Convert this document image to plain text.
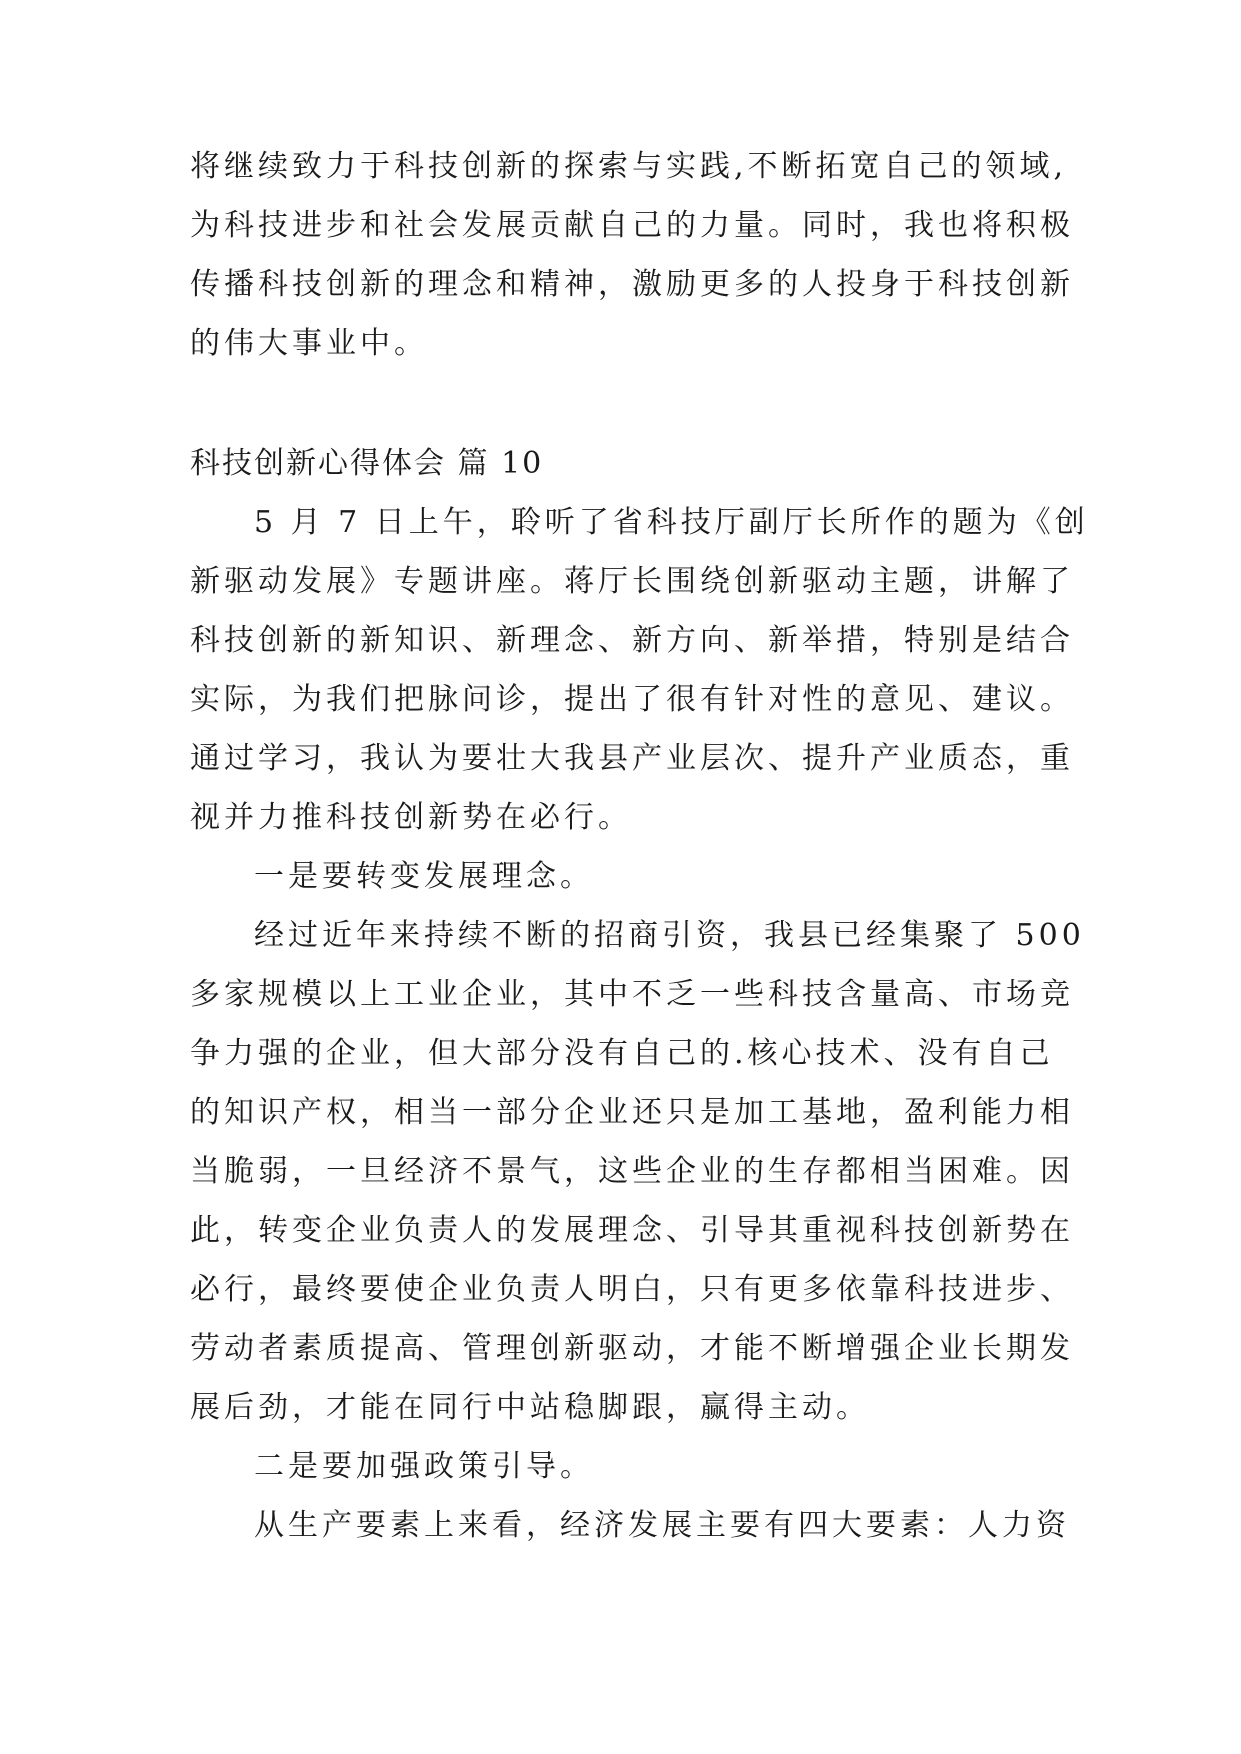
将继续致力于科技创新的探索与实践,不断拓宽自己的领域,
为科技进步和社会发展贡献自己的力量。同时，我也将积极
传播科技创新的理念和精神，激励更多的人投身于科技创新
的伟大事业中。
科技创新心得体会 篇 10
5 月 7 日上午，聆听了省科技厅副厅长所作的题为《创
新驱动发展》专题讲座。蒋厅长围绕创新驱动主题，讲解了
科技创新的新知识、新理念、新方向、新举措，特别是结合
实际，为我们把脉问诊，提出了很有针对性的意见、建议。
通过学习，我认为要壮大我县产业层次、提升产业质态，重
视并力推科技创新势在必行。
一是要转变发展理念。
经过近年来持续不断的招商引资，我县已经集聚了 500
多家规模以上工业企业，其中不乏一些科技含量高、市场竞
争力强的企业，但大部分没有自己的.核心技术、没有自己
的知识产权，相当一部分企业还只是加工基地，盈利能力相
当脆弱，一旦经济不景气，这些企业的生存都相当困难。因
此，转变企业负责人的发展理念、引导其重视科技创新势在
必行，最终要使企业负责人明白，只有更多依靠科技进步、
劳动者素质提高、管理创新驱动，才能不断增强企业长期发
展后劲，才能在同行中站稳脚跟，赢得主动。
二是要加强政策引导。
从生产要素上来看，经济发展主要有四大要素：人力资
